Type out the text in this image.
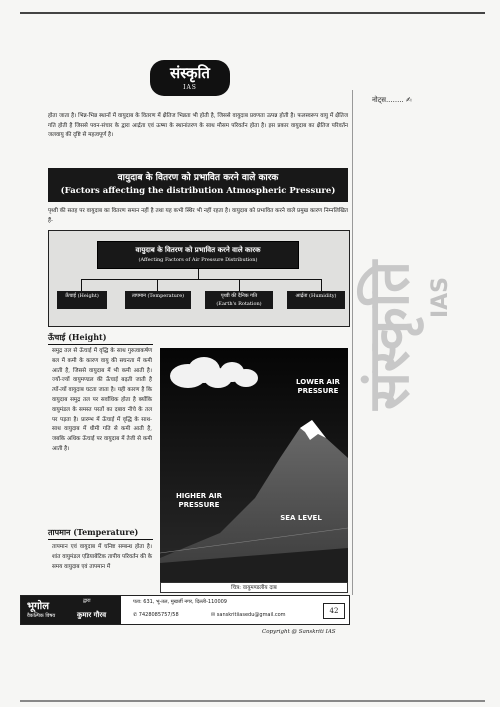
संस्कृति
IAS
नोट्स........ ✍
संस्कृति IAS
होता जाता है। भिन्न-भिन्न स्थानों में वायुदाब के वितरण में क्षैतिज भिन्नता भी होती है, जिससे वायुदाब प्रवणता उत्पन्न होती है। फलस्वरूप वायु में क्षैतिज गति होती है जिससे पवन-संचार के द्वारा आर्द्रता एवं ऊष्मा के स्थानांतरण के साथ मौसम परिवर्तन होता है। इस प्रकार वायुदाब का क्षैतिज परिवर्तन जलवायु की दृष्टि से महत्वपूर्ण है।
वायुदाब के वितरण को प्रभावित करने वाले कारक
(Factors affecting the distribution Atmospheric Pressure)
पृथ्वी की सतह पर वायुदाब का वितरण समान नहीं है तथा यह कभी स्थिर भी नहीं रहता है। वायुदाब को प्रभावित करने वाले प्रमुख कारण निम्नलिखित हैं-
वायुदाब के वितरण को प्रभावित करने वाले कारक
(Affecting Factors of Air Pressure Distribution)
ऊँचाई (Height)	तापमान (Temperature)	पृथ्वी की दैनिक गति
(Earth's Rotation)
आर्द्रता (Humidity)
ऊँचाई (Height)
समुद्र तल से ऊँचाई में वृद्धि के साथ गुरुत्वाकर्षण बल में कमी के कारण वायु की सघनता में कमी आती है, जिससे वायुदाब में भी कमी आती है। ज्यों-ज्यों वायुमण्डल की ऊँचाई बढ़ती जाती है त्यों-त्यों वायुदाब घटता जाता है। यही कारण है कि वायुदाब समुद्र तल पर सर्वाधिक होता है क्योंकि वायुमंडल के समस्त परतों का दबाव नीचे के तल पर पड़ता है। प्रारम्भ में ऊँचाई में वृद्धि के साथ-साथ वायुदाब में धीमी गति से कमी आती है, जबकि अधिक ऊँचाई पर वायुदाब में तेजी से कमी आती है।
LOWER AIR PRESSURE
HIGHER AIR PRESSURE
SEA LEVEL
चित्र: वायुमण्डलीय दाब
तापमान (Temperature)
तापमान एवं वायुदाब में घनिष्ट सम्बन्ध होता है। शांत वायुमंडल एडियाबेटिक तापीय परिवर्तन की के समय वायुदाब एवं तापमान में
भूगोल
वैकल्पिक विषय
द्वारा
कुमार गौरव
पता: 631, भू-तल, मुखर्जी नगर, दिल्ली-110009
✆ 7428085757/58	✉ sanskritiiasedu@gmail.com	42
Copyright @ Sanskriti IAS
